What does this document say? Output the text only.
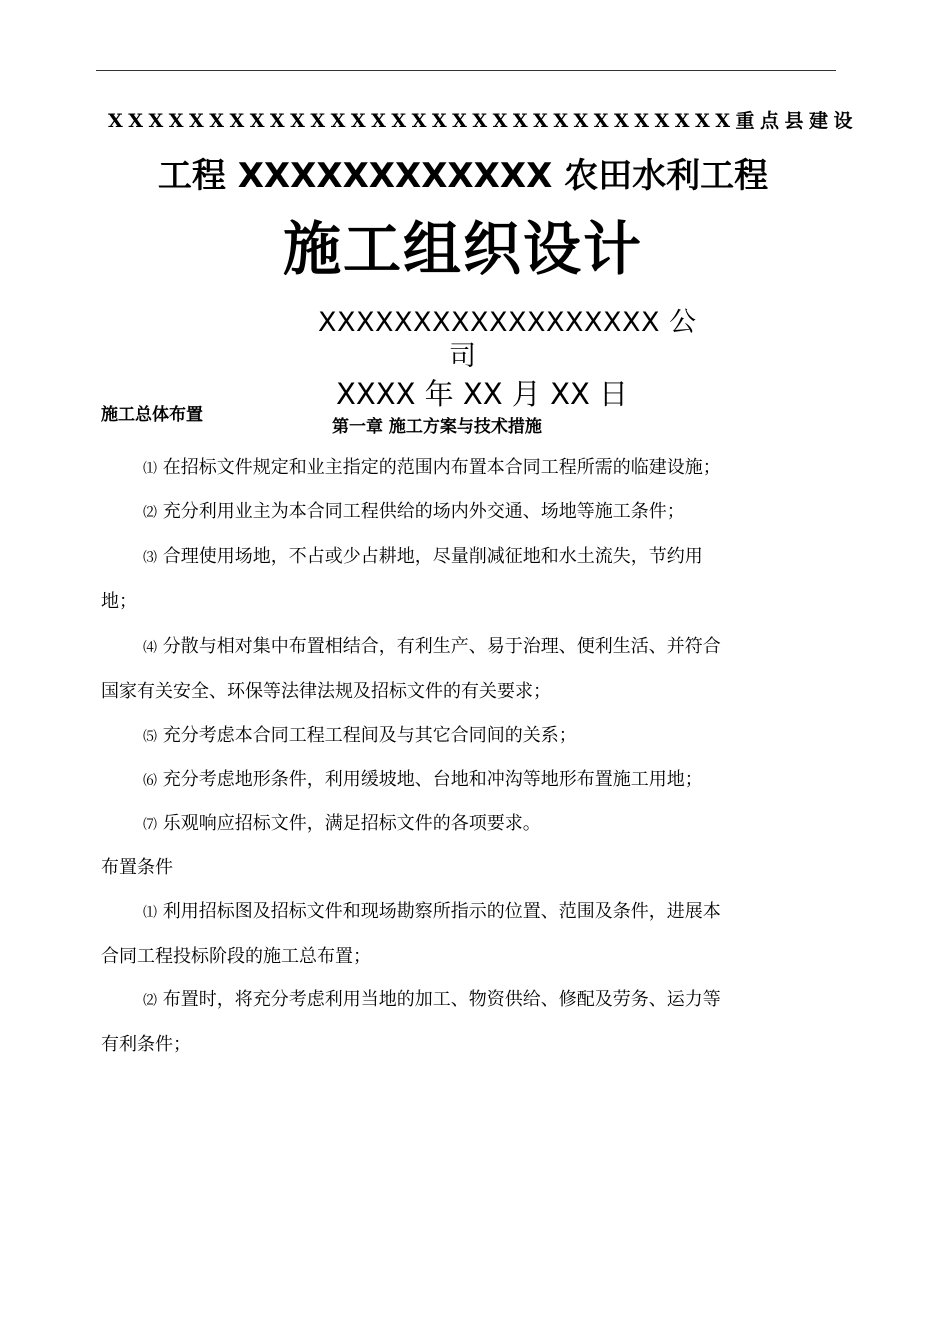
XXXXXXXXXXXXXXXXXXXXXXXXXXXXXXX重点县建设
工程 XXXXXXXXXXXX 农田水利工程
施工组织设计
XXXXXXXXXXXXXXXXXX 公
司
XXXX 年 XX 月 XX 日
施工总体布置
第一章 施工方案与技术措施
⑴ 在招标文件规定和业主指定的范围内布置本合同工程所需的临建设施；
⑵ 充分利用业主为本合同工程供给的场内外交通、场地等施工条件；
⑶ 合理使用场地，不占或少占耕地，尽量削减征地和水土流失，节约用
地；
⑷ 分散与相对集中布置相结合，有利生产、易于治理、便利生活、并符合
国家有关安全、环保等法律法规及招标文件的有关要求；
⑸ 充分考虑本合同工程工程间及与其它合同间的关系；
⑹ 充分考虑地形条件，利用缓坡地、台地和冲沟等地形布置施工用地；
⑺ 乐观响应招标文件，满足招标文件的各项要求。
布置条件
⑴ 利用招标图及招标文件和现场勘察所指示的位置、范围及条件，进展本
合同工程投标阶段的施工总布置；
⑵ 布置时，将充分考虑利用当地的加工、物资供给、修配及劳务、运力等
有利条件；
